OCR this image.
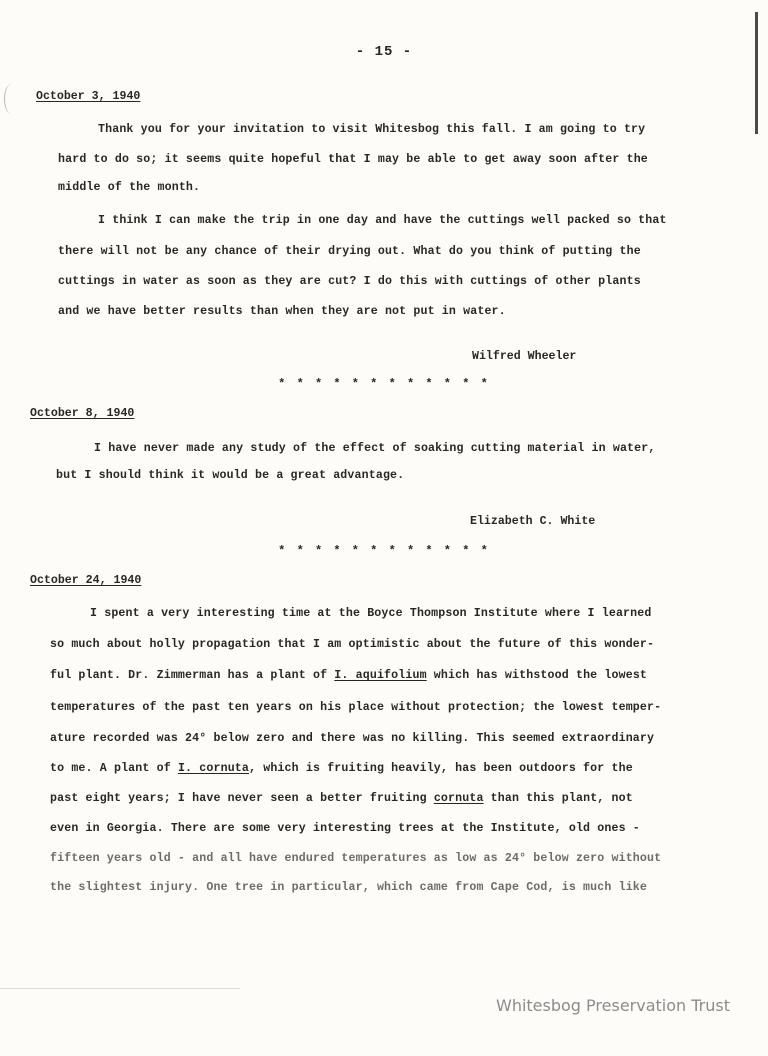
- 15 -
October 3, 1940
Thank you for your invitation to visit Whitesbog this fall. I am going to try
hard to do so; it seems quite hopeful that I may be able to get away soon after the
middle of the month.
I think I can make the trip in one day and have the cuttings well packed so that
there will not be any chance of their drying out. What do you think of putting the
cuttings in water as soon as they are cut? I do this with cuttings of other plants
and we have better results than when they are not put in water.
Wilfred Wheeler
* * * * * * * * * * * *
October 8, 1940
I have never made any study of the effect of soaking cutting material in water,
but I should think it would be a great advantage.
Elizabeth C. White
* * * * * * * * * * * *
October 24, 1940
I spent a very interesting time at the Boyce Thompson Institute where I learned
so much about holly propagation that I am optimistic about the future of this wonder-
ful plant. Dr. Zimmerman has a plant of I. aquifolium which has withstood the lowest
temperatures of the past ten years on his place without protection; the lowest temper-
ature recorded was 24° below zero and there was no killing. This seemed extraordinary
to me. A plant of I. cornuta, which is fruiting heavily, has been outdoors for the
past eight years; I have never seen a better fruiting cornuta than this plant, not
even in Georgia. There are some very interesting trees at the Institute, old ones -
fifteen years old - and all have endured temperatures as low as 24° below zero without
the slightest injury. One tree in particular, which came from Cape Cod, is much like
Whitesbog Preservation Trust
